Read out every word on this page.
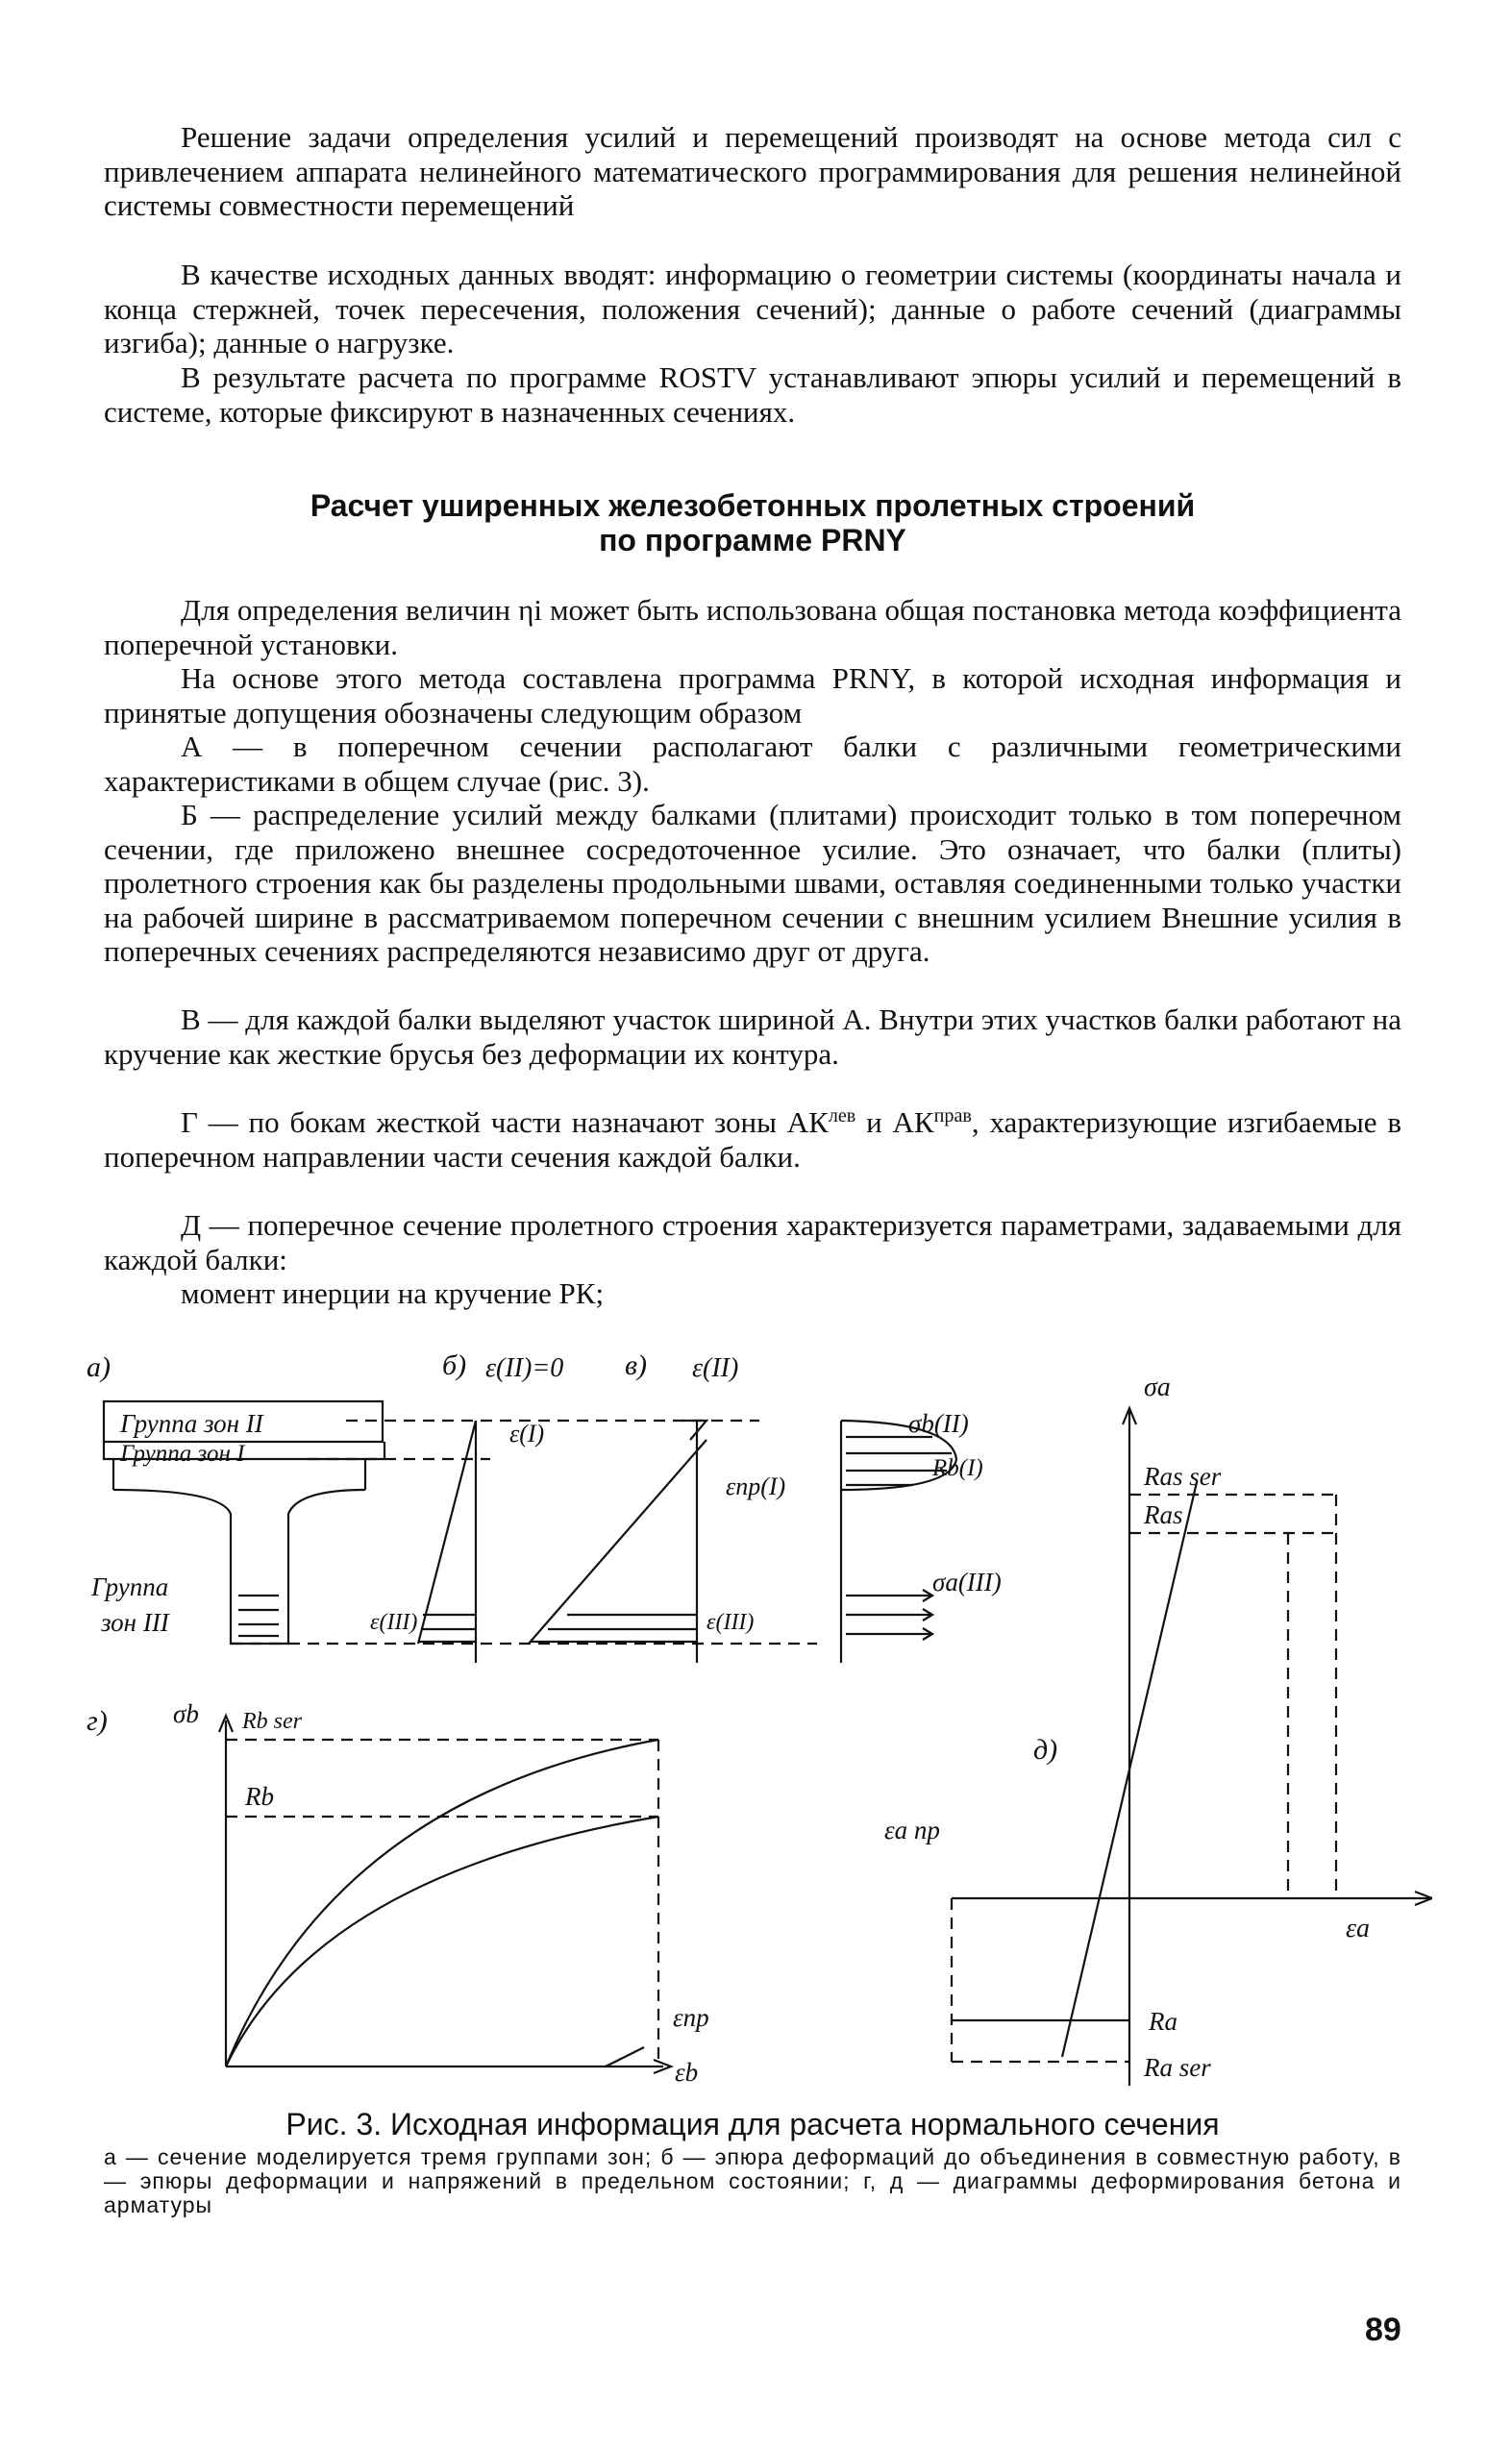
Решение задачи определения усилий и перемещений производят на основе метода сил с привлечением аппарата нелинейного математического программирования для решения нелинейной системы совместности перемещений

В качестве исходных данных вводят: информацию о геометрии системы (координаты начала и конца стержней, точек пересечения, положения сечений); данные о работе сечений (диаграммы изгиба); данные о нагрузке.

В результате расчета по программе ROSTV устанавливают эпюры усилий и перемещений в системе, которые фиксируют в назначенных сечениях.

Расчет уширенных железобетонных пролетных строений
по программе PRNY

Для определения величин ηi может быть использована общая постановка метода коэффициента поперечной установки.

На основе этого метода составлена программа PRNY, в которой исходная информация и принятые допущения обозначены следующим образом

А — в поперечном сечении располагают балки с различными геометрическими характеристиками в общем случае (рис. 3).

Б — распределение усилий между балками (плитами) происходит только в том поперечном сечении, где приложено внешнее сосредоточенное усилие. Это означает, что балки (плиты) пролетного строения как бы разделены продольными швами, оставляя соединенными только участки на рабочей ширине в рассматриваемом поперечном сечении с внешним усилием Внешние усилия в поперечных сечениях распределяются независимо друг от друга.

В — для каждой балки выделяют участок шириной A. Внутри этих участков балки работают на кручение как жесткие брусья без деформации их контура.

Г — по бокам жесткой части назначают зоны $АК^{лев}$ и $АК^{прав}$, характеризующие изгибаемые в поперечном направлении части сечения каждой балки.

Д — поперечное сечение пролетного строения характеризуется параметрами, задаваемыми для каждой балки:

момент инерции на кручение РК;

а)	б)	в)
г)
д)
Группа зон II
Группа зон I
Группа
зон III
ε(II)=0	ε(II)
ε(I)
ε(III)	ε(III)
εnp(I)
σb(II)
Rb(I)
σa(III)
σb Rb ser
Rb
εnp
εb
σa
Ras ser
Ras
εa np
εa
Ra
Ra ser

Рис. 3. Исходная информация для расчета нормального сечения

а — сечение моделируется тремя группами зон; б — эпюра деформаций до объединения в совместную работу, в — эпюры деформации и напряжений в предельном состоянии; г, д — диаграммы деформирования бетона и арматуры

89
